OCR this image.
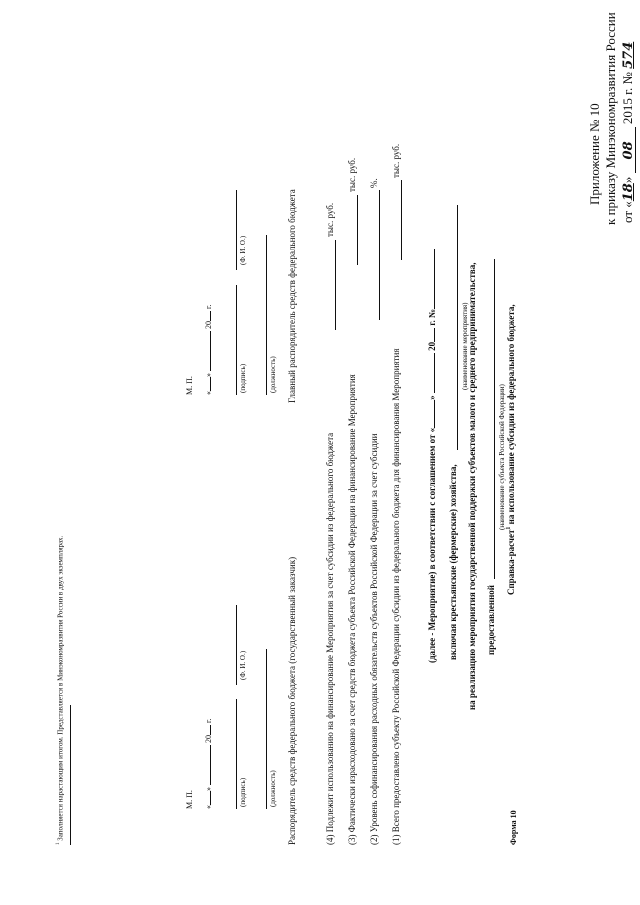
Приложение № 10 к приказу Минэкономразвития России от «18» 08 2015 г. № 574
Форма 10
Справка-расчет$^1$ на использование субсидии из федерального бюджета,
предоставленной
(наименование субъекта Российской Федерации)
на реализацию мероприятия государственной поддержки субъектов малого и среднего предпринимательства,
включая крестьянские (фермерские) хозяйства,
(наименование мероприятия)
(далее - Мероприятие) в соответствии с соглашением от «»  20 г. №
(1) Всего предоставлено субъекту Российской Федерации субсидии из федерального бюджета для финансирования Мероприятия
тыс. руб.
(2) Уровень софинансирования расходных обязательств субъектов Российской Федерации за счет субсидии
%.
(3) Фактически израсходовано за счет средств бюджета субъекта Российской Федерации на финансирование Мероприятия
тыс. руб.
(4) Подлежит использованию на финансирование Мероприятия за счет субсидии из федерального бюджета
тыс. руб.
Распорядитель средств федерального бюджета (государственный заказчик)
Главный распорядитель средств федерального бюджета
(должность)
(подпись)
(Ф. И. О.)
«»  20 г.
М. П.
(должность)
(подпись)
(Ф. И. О.)
«»  20 г.
М. П.
$^1$ Заполняется нарастающим итогом. Представляется в Минэкономразвития России в двух экземплярах.
